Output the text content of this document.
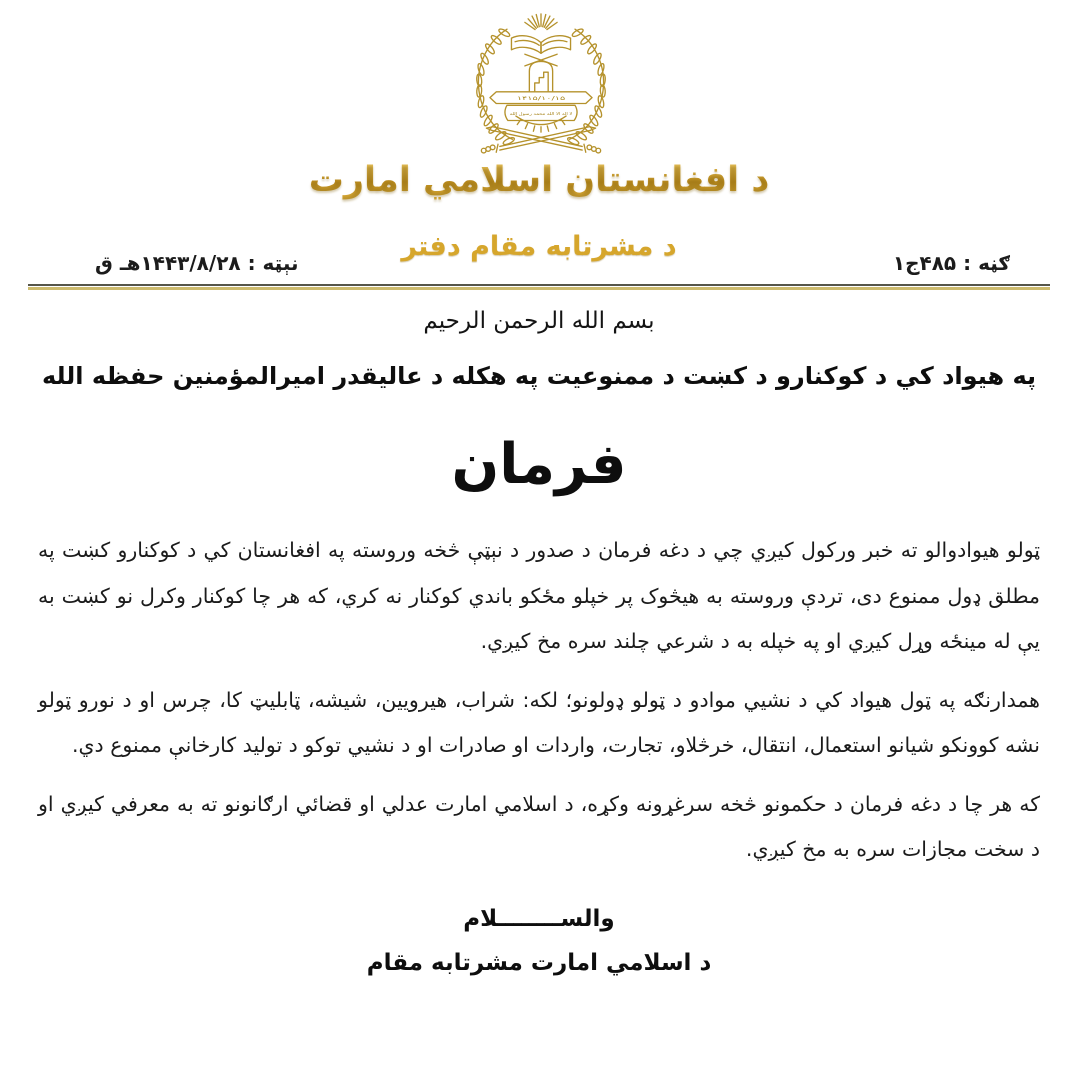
۱۴۱۵/۱۰/۱۵
لا اله الا الله محمد رسول الله
د افغانستان اسلامي امارت
د مشرتابه مقام دفتر
ګڼه : ۴۸۵ج۱
نېټه : ۱۴۴۳/۸/۲۸هـ ق
بسم الله الرحمن الرحيم
په هيواد کي د کوکنارو د کښت د ممنوعيت په هکله د عاليقدر اميرالمؤمنين حفظه الله
فرمان

ټولو هيوادوالو ته خبر ورکول کيږي چي د دغه فرمان د صدور د نېټې څخه وروسته په افغانستان کي د کوکنارو کښت په مطلق ډول ممنوع دی، تردې وروسته به هيڅوک پر خپلو مځکو باندي کوکنار نه کري، که هر چا کوکنار وکرل نو کښت به يې له مينځه وړل کيږي او په خپله به د شرعي چلند سره مخ کيږي.

همدارنګه په ټول هيواد کي د نشيي موادو د ټولو ډولونو؛ لکه: شراب، هيرويين، شيشه، ټابليټ کا، چرس او د نورو ټولو نشه کوونکو شيانو استعمال، انتقال، خرڅلاو، تجارت، واردات او صادرات او د نشيي توکو د توليد کارخانې ممنوع دي.

که هر چا د دغه فرمان د حکمونو څخه سرغړونه وکړه، د اسلامي امارت عدلي او قضائي ارګانونو ته به معرفي کيږي او د سخت مجازات سره به مخ کيږي.

والســــــــلام
د اسلامي امارت مشرتابه مقام
